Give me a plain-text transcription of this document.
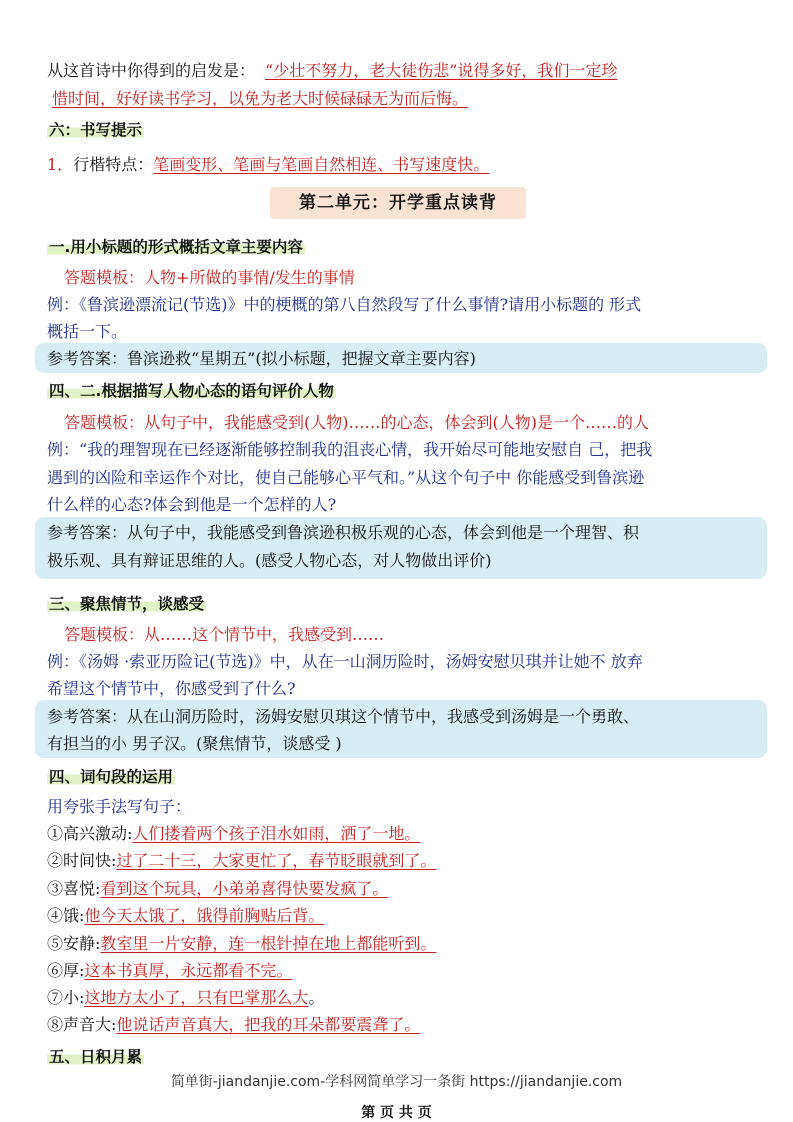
从这首诗中你得到的启发是： “少壮不努力，老大徒伤悲”说得多好，我们一定珍
惜时间，好好读书学习，以免为老大时候碌碌无为而后悔。
六：书写提示
1．行楷特点：笔画变形、笔画与笔画自然相连、书写速度快。
第二单元：开学重点读背
一.用小标题的形式概括文章主要内容
答题模板：人物+所做的事情/发生的事情
例：《鲁滨逊漂流记(节选)》中的梗概的第八自然段写了什么事情?请用小标题的 形式
概括一下。
参考答案：鲁滨逊救“星期五”(拟小标题，把握文章主要内容)
四、二.根据描写人物心态的语句评价人物
答题模板：从句子中，我能感受到(人物)……的心态，体会到(人物)是一个……的人
例：“我的理智现在已经逐渐能够控制我的沮丧心情，我开始尽可能地安慰自 己，把我
遇到的凶险和幸运作个对比，使自己能够心平气和。”从这个句子中 你能感受到鲁滨逊
什么样的心态?体会到他是一个怎样的人?
参考答案：从句子中，我能感受到鲁滨逊积极乐观的心态，体会到他是一个理智、积
极乐观、具有辩证思维的人。(感受人物心态，对人物做出评价)
三、聚焦情节，谈感受
答题模板：从……这个情节中，我感受到……
例：《汤姆 ·索亚历险记(节选)》中，从在一山洞历险时，汤姆安慰贝琪并让她不 放弃
希望这个情节中，你感受到了什么?
参考答案：从在山洞历险时，汤姆安慰贝琪这个情节中，我感受到汤姆是一个勇敢、
有担当的小 男子汉。(聚焦情节，谈感受 )
四、词句段的运用
用夸张手法写句子：
①高兴激动:人们搂着两个孩子泪水如雨，洒了一地。
②时间快:过了二十三，大家更忙了，春节眨眼就到了。
③喜悦:看到这个玩具，小弟弟喜得快要发疯了。
④饿:他今天太饿了，饿得前胸贴后背。
⑤安静:教室里一片安静，连一根针掉在地上都能听到。
⑥厚:这本书真厚，永远都看不完。
⑦小:这地方太小了，只有巴掌那么大。
⑧声音大:他说话声音真大，把我的耳朵都要震聋了。
五、日积月累
简单街-jiandanjie.com-学科网简单学习一条街 https://jiandanjie.com
第 页 共 页
